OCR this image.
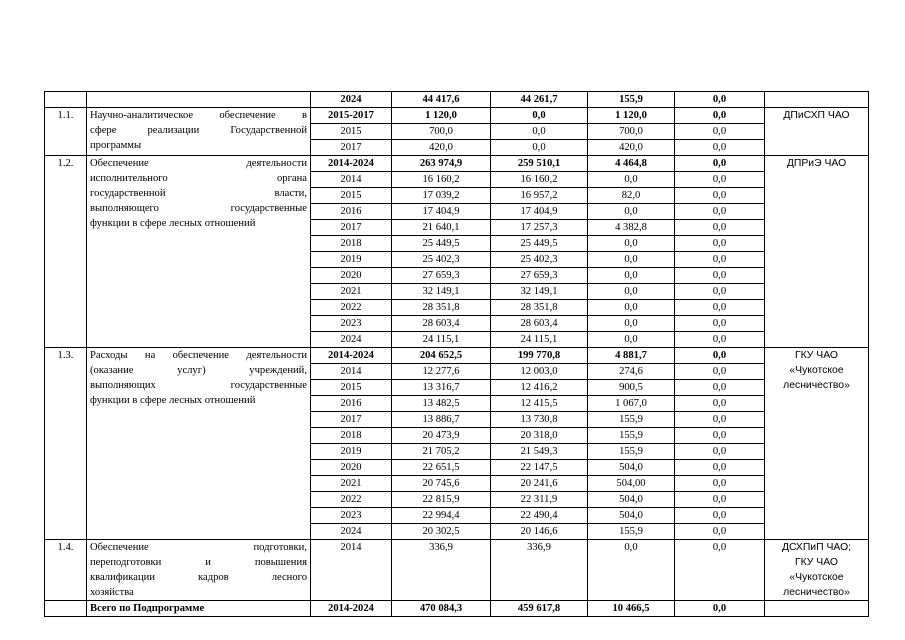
		2024	44 417,6	44 261,7	155,9	0,0	
1.1.	Научно-аналитическое обеспечение в
сфере реализации Государственной
программы	2015-2017	1 120,0	0,0	1 120,0	0,0	ДПиСХП ЧАО

		2015	700,0	0,0	700,0	0,0	
		2017	420,0	0,0	420,0	0,0	
1.2.	Обеспечение деятельности
исполнительного органа
государственной власти,
выполняющего государственные
функции в сфере лесных отношений	2014-2024	263 974,9	259 510,1	4 464,8	0,0	ДПРиЭ ЧАО

		2014	16 160,2	16 160,2	0,0	0,0	
		2015	17 039,2	16 957,2	82,0	0,0	
		2016	17 404,9	17 404,9	0,0	0,0	
		2017	21 640,1	17 257,3	4 382,8	0,0	
		2018	25 449,5	25 449,5	0,0	0,0	
		2019	25 402,3	25 402,3	0,0	0,0	
		2020	27 659,3	27 659,3	0,0	0,0	
		2021	32 149,1	32 149,1	0,0	0,0	
		2022	28 351,8	28 351,8	0,0	0,0	
		2023	28 603,4	28 603,4	0,0	0,0	
		2024	24 115,1	24 115,1	0,0	0,0	
1.3.	Расходы на обеспечение деятельности
(оказание услуг) учреждений,
выполняющих государственные
функции в сфере лесных отношений	2014-2024	204 652,5	199 770,8	4 881,7	0,0	ГКУ ЧАО
«Чукотское
лесничество»

		2014	12 277,6	12 003,0	274,6	0,0	
		2015	13 316,7	12 416,2	900,5	0,0	
		2016	13 482,5	12 415,5	1 067,0	0,0	
		2017	13 886,7	13 730,8	155,9	0,0	
		2018	20 473,9	20 318,0	155,9	0,0	
		2019	21 705,2	21 549,3	155,9	0,0	
		2020	22 651,5	22 147,5	504,0	0,0	
		2021	20 745,6	20 241,6	504,00	0,0	
		2022	22 815,9	22 311,9	504,0	0,0	
		2023	22 994,4	22 490,4	504,0	0,0	
		2024	20 302,5	20 146,6	155,9	0,0	
1.4.	Обеспечение подготовки,
переподготовки и повышения
квалификации кадров лесного
хозяйства	2014	336,9	336,9	0,0	0,0	ДСХПиП ЧАО;
ГКУ ЧАО
«Чукотское
лесничество»

	Всего по Подпрограмме	2014-2024	470 084,3	459 617,8	10 466,5	0,0	
